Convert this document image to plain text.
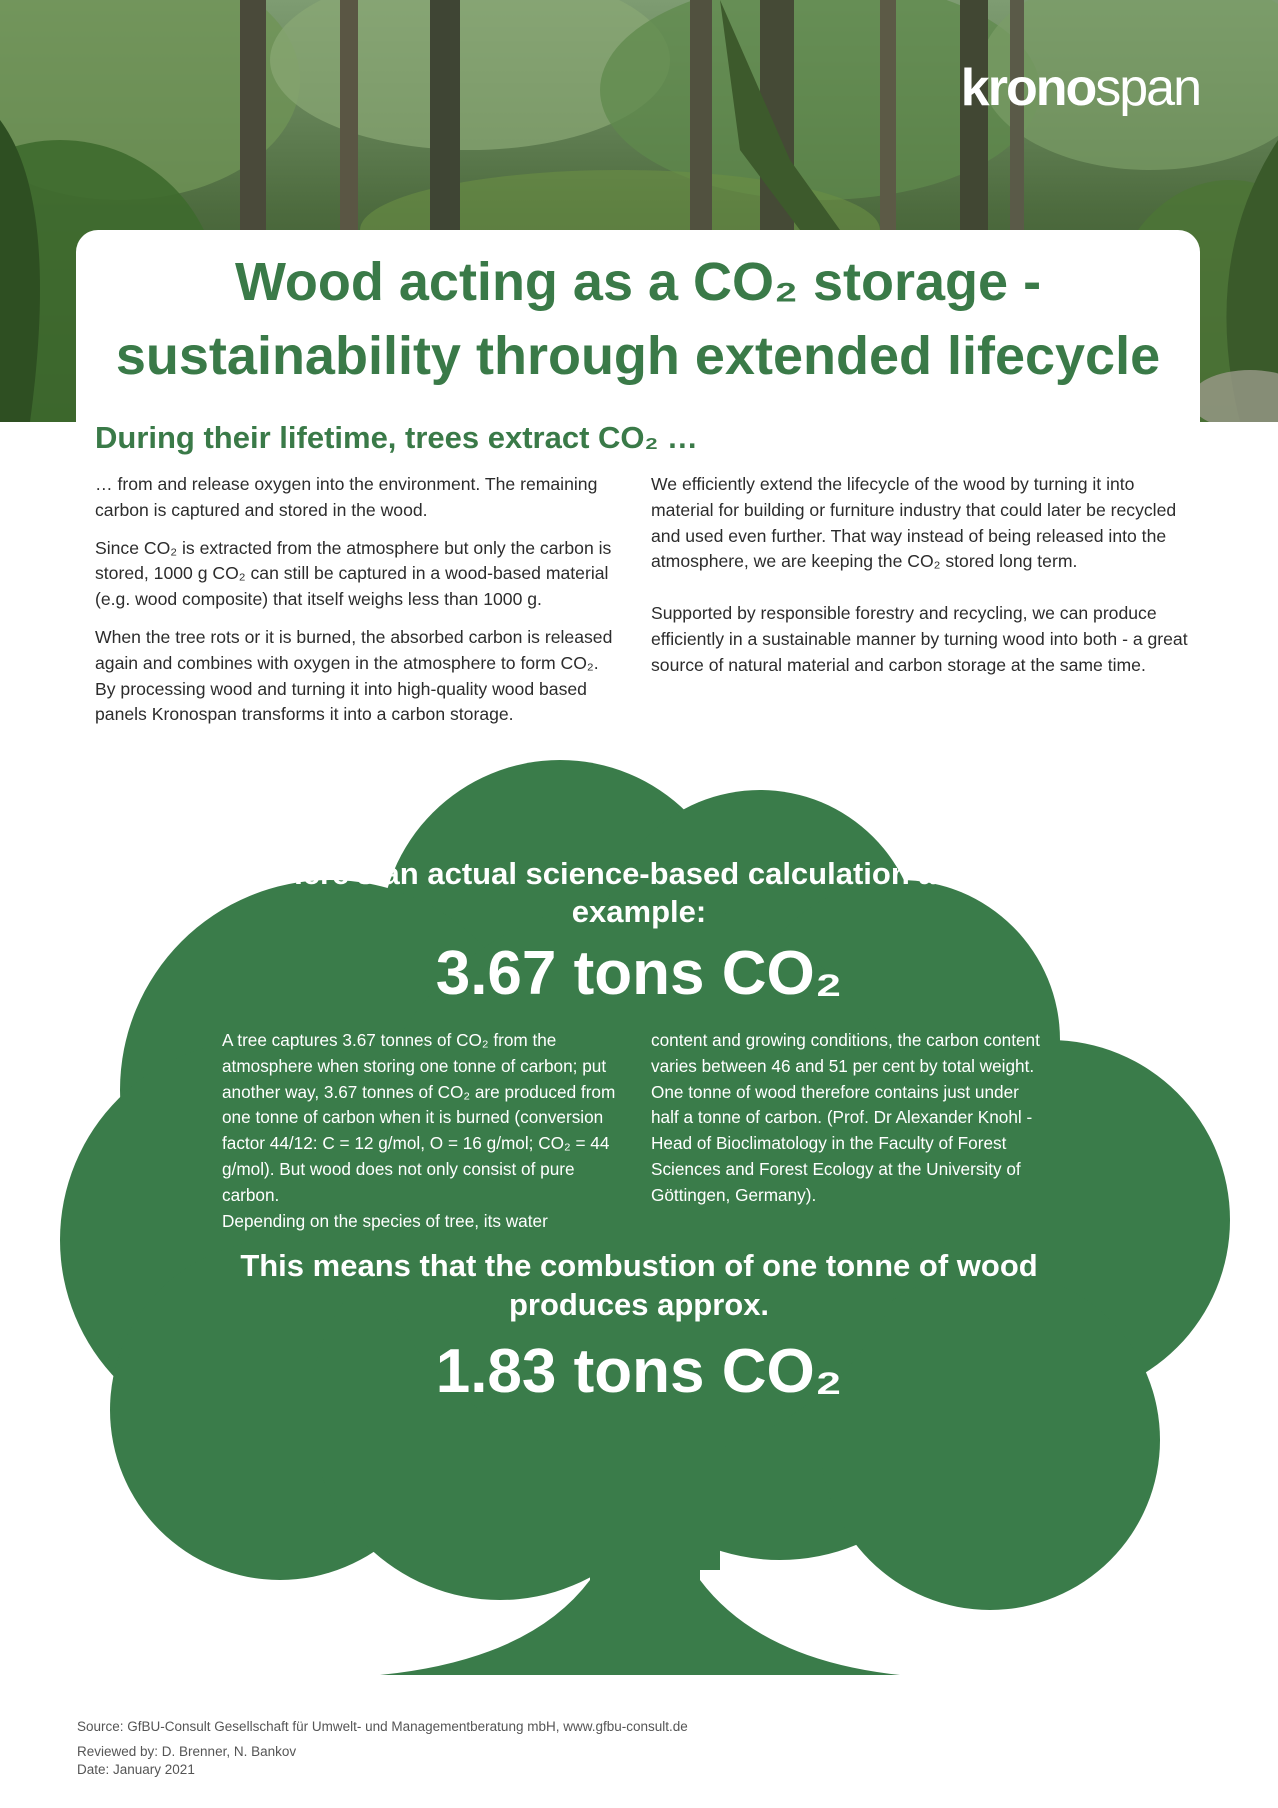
kronospan
Wood acting as a CO₂ storage -
sustainability through extended lifecycle
During their lifetime, trees extract CO₂ …

… from and release oxygen into the environment. The remaining carbon is captured and stored in the wood.

Since CO₂ is extracted from the atmosphere but only the carbon is stored, 1000 g CO₂ can still be captured in a wood-based material (e.g. wood composite) that itself weighs less than 1000 g.

When the tree rots or it is burned, the absorbed carbon is released again and combines with oxygen in the atmosphere to form CO₂.

By processing wood and turning it into high-quality wood based panels Kronospan transforms it into a carbon storage.

We efficiently extend the lifecycle of the wood by turning it into material for building or furniture industry that could later be recycled and used even further. That way instead of being released into the atmosphere, we are keeping the CO₂ stored long term.

Supported by responsible forestry and recycling, we can produce efficiently in a sustainable manner by turning wood into both - a great source of natural material and carbon storage at the same time.

Here’s an actual science-based calculation as an example:
3.67 tons CO₂

A tree captures 3.67 tonnes of CO₂ from the atmosphere when storing one tonne of carbon; put another way, 3.67 tonnes of CO₂ are produced from one tonne of carbon when it is burned (conversion factor 44/12: C = 12 g/mol, O = 16 g/mol; CO₂ = 44 g/mol). But wood does not only consist of pure carbon.

Depending on the species of tree, its water

content and growing conditions, the carbon content varies between 46 and 51 per cent by total weight.

One tonne of wood therefore contains just under half a tonne of carbon. (Prof. Dr Alexander Knohl - Head of Bioclimatology in the Faculty of Forest Sciences and Forest Ecology at the University of Göttingen, Germany).

This means that the combustion of one tonne of wood produces approx.
1.83 tons CO₂
Source: GfBU-Consult Gesellschaft für Umwelt- und Managementberatung mbH, www.gfbu-consult.de
Reviewed by: D. Brenner, N. Bankov
Date: January 2021
